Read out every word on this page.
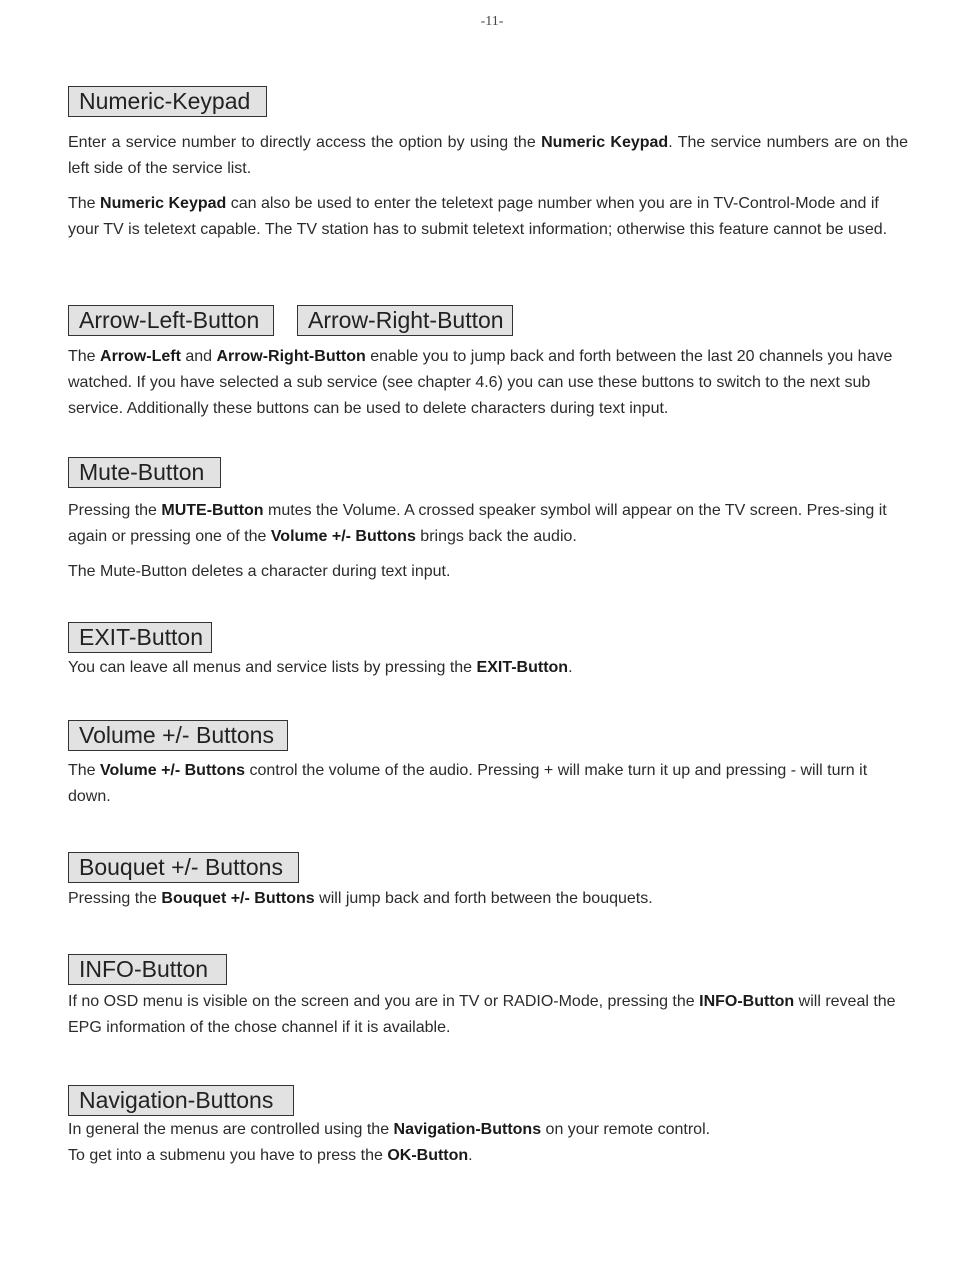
-11-
Numeric-Keypad

Enter a service number to directly access the option by using the Numeric Keypad. The service numbers are on the left side of the service list.

The Numeric Keypad can also be used to enter the teletext page number when you are in TV-Control-Mode and if your TV is teletext capable. The TV station has to submit teletext information; otherwise this feature cannot be used.

Arrow-Left-Button	Arrow-Right-Button

The Arrow-Left and Arrow-Right-Button enable you to jump back and forth between the last 20 channels you have watched. If you have selected a sub service (see chapter 4.6) you can use these buttons to switch to the next sub service. Additionally these buttons can be used to delete characters during text input.

Mute-Button

Pressing the MUTE-Button mutes the Volume. A crossed speaker symbol will appear on the TV screen. Pres-sing it again or pressing one of the Volume +/- Buttons brings back the audio.

The Mute-Button deletes a character during text input.

EXIT-Button

You can leave all menus and service lists by pressing the EXIT-Button.

Volume +/- Buttons

The Volume +/- Buttons control the volume of the audio. Pressing + will make turn it up and pressing - will turn it down.

Bouquet +/- Buttons

Pressing the Bouquet +/- Buttons will jump back and forth between the bouquets.

INFO-Button

If no OSD menu is visible on the screen and you are in TV or RADIO-Mode, pressing the INFO-Button will reveal the EPG information of the chose channel if it is available.

Navigation-Buttons

In general the menus are controlled using the Navigation-Buttons on your remote control.

To get into a submenu you have to press the OK-Button.
